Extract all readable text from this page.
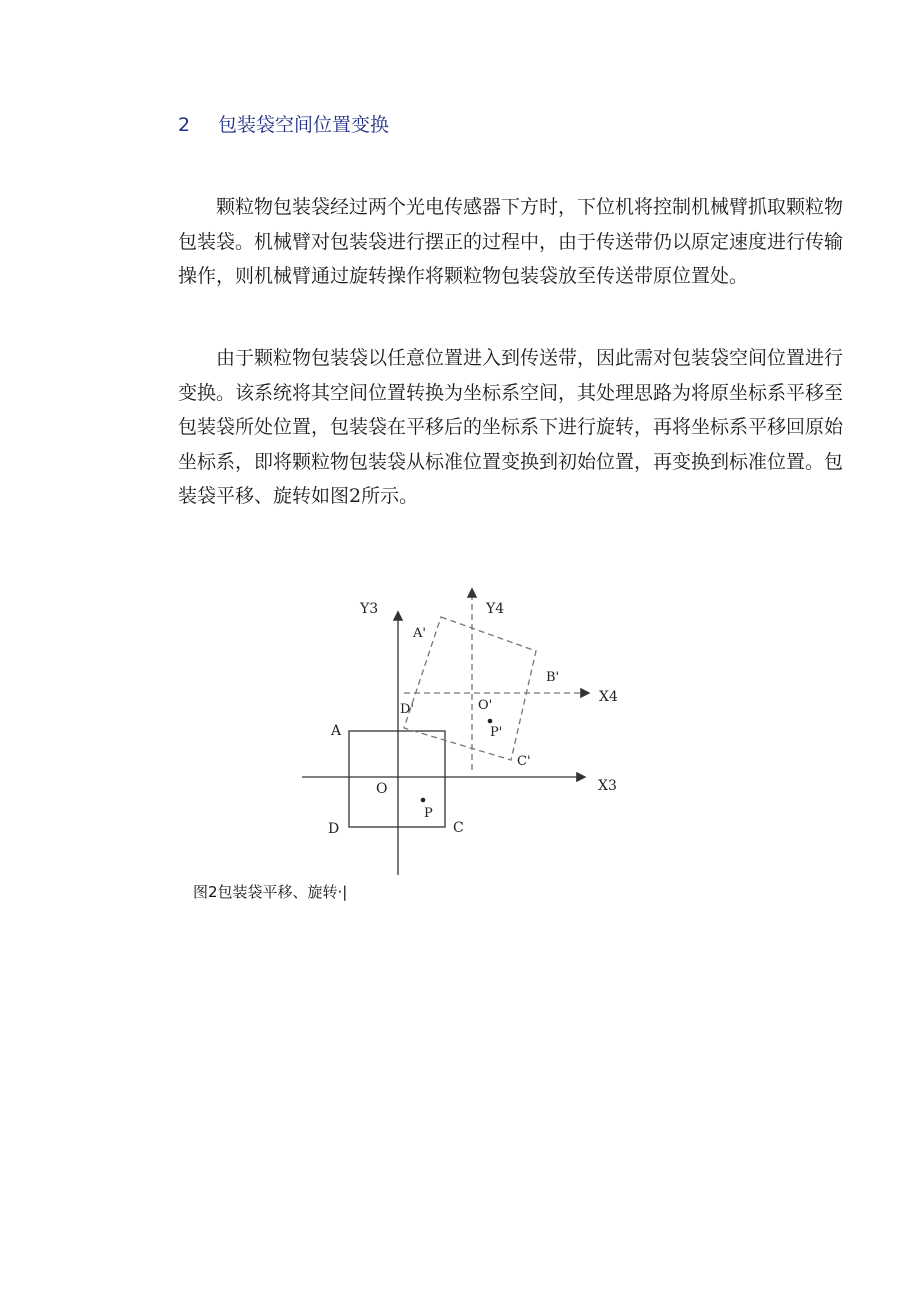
2 包装袋空间位置变换

　　颗粒物包装袋经过两个光电传感器下方时，下位机将控制机械臂抓取颗粒物
包装袋。机械臂对包装袋进行摆正的过程中，由于传送带仍以原定速度进行传输
操作，则机械臂通过旋转操作将颗粒物包装袋放至传送带原位置处。

　　由于颗粒物包装袋以任意位置进入到传送带，因此需对包装袋空间位置进行
变换。该系统将其空间位置转换为坐标系空间，其处理思路为将原坐标系平移至
包装袋所处位置，包装袋在平移后的坐标系下进行旋转，再将坐标系平移回原始
坐标系，即将颗粒物包装袋从标准位置变换到初始位置，再变换到标准位置。包
装袋平移、旋转如图2所示。

Y3
X3
Y4
X4
A
C
D
O
P
A'
B'
C'
D'	O'
P'
图2包装袋平移、旋转·|
